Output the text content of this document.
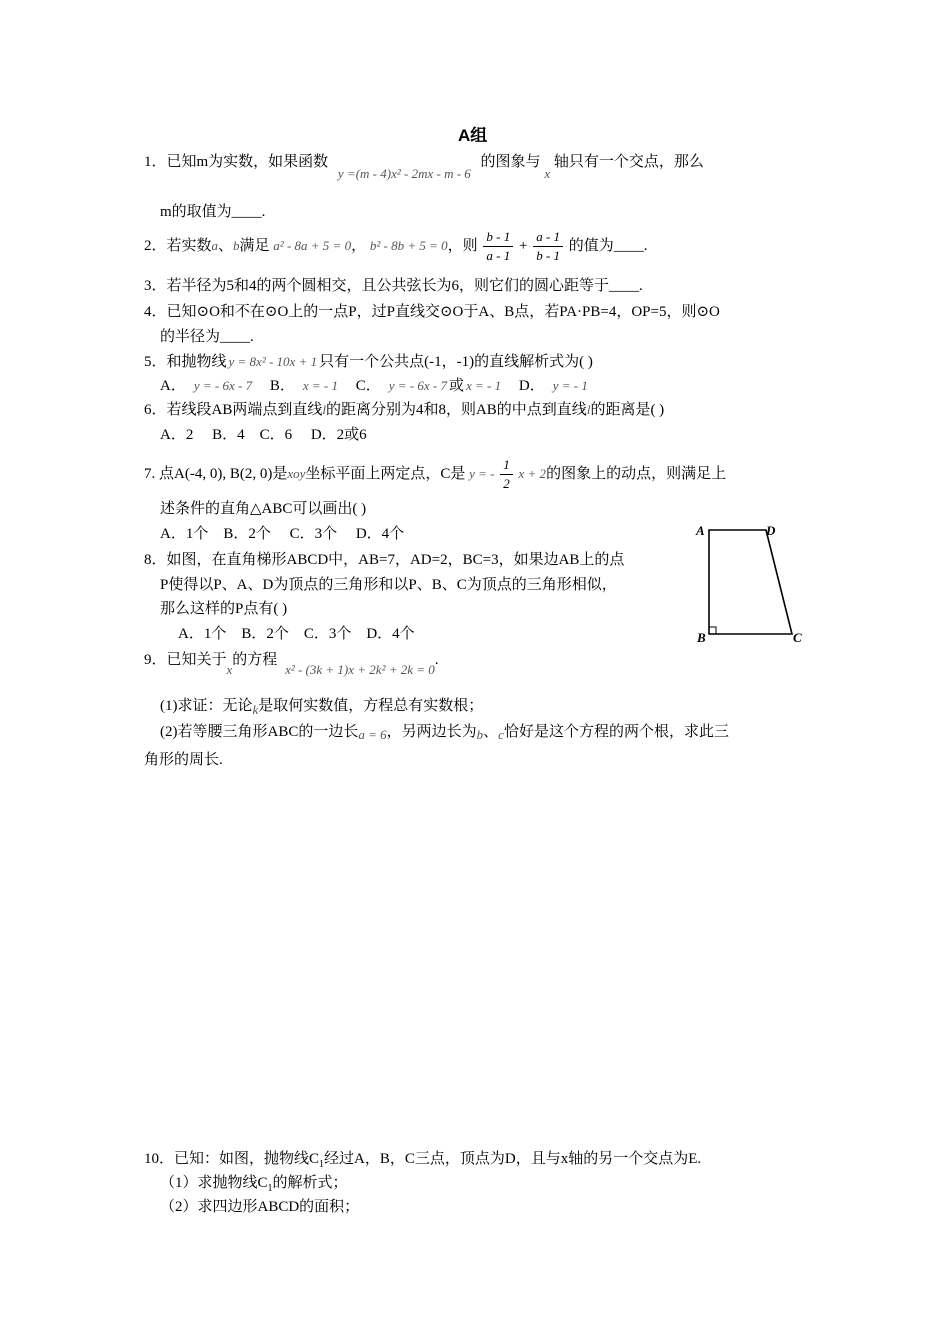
A组
1．已知m为实数，如果函数 y =(m - 4)x² - 2mx - m - 6 的图象与 x 轴只有一个交点，那么
m的取值为____.
2．若实数a、b满足 a² - 8a + 5 = 0， b² - 8b + 5 = 0，则 $\frac{b - 1}{a - 1} + \frac{a - 1}{b - 1}$ 的值为____.
3．若半径为5和4的两个圆相交，且公共弦长为6，则它们的圆心距等于____.
4．已知⊙O和不在⊙O上的一点P，过P直线交⊙O于A、B点，若PA·PB=4，OP=5，则⊙O
的半径为____.
5．和抛物线 y = 8x² - 10x + 1 只有一个公共点(-1，-1)的直线解析式为( )
A． y = - 6x - 7 B． x = - 1 C． y = - 6x - 7 或 x = - 1 D． y = - 1
6．若线段AB两端点到直线l的距离分别为4和8，则AB的中点到直线l的距离是( )
A．2     B．4    C．6     D．2或6
7. 点A(-4, 0), B(2, 0)是xoy坐标平面上两定点，C是 y = - $\frac{1}{2}$ x + 2的图象上的动点，则满足上
述条件的直角△ABC可以画出( )
A．1个    B．2个     C．3个     D．4个
8．如图，在直角梯形ABCD中，AB=7，AD=2，BC=3，如果边AB上的点
P使得以P、A、D为顶点的三角形和以P、B、C为顶点的三角形相似，
那么这样的P点有( )
A．1个    B．2个    C．3个    D．4个
A	D
B	C
9．已知关于x的方程 x² - (3k + 1)x + 2k² + 2k = 0.
(1)求证：无论k是取何实数值，方程总有实数根；
(2)若等腰三角形ABC的一边长a = 6，另两边长为b、c恰好是这个方程的两个根，求此三
角形的周长.
10．已知：如图，抛物线$C_1$经过A，B，C三点，顶点为D，且与x轴的另一个交点为E.
（1）求抛物线$C_1$的解析式；
（2）求四边形ABCD的面积；
